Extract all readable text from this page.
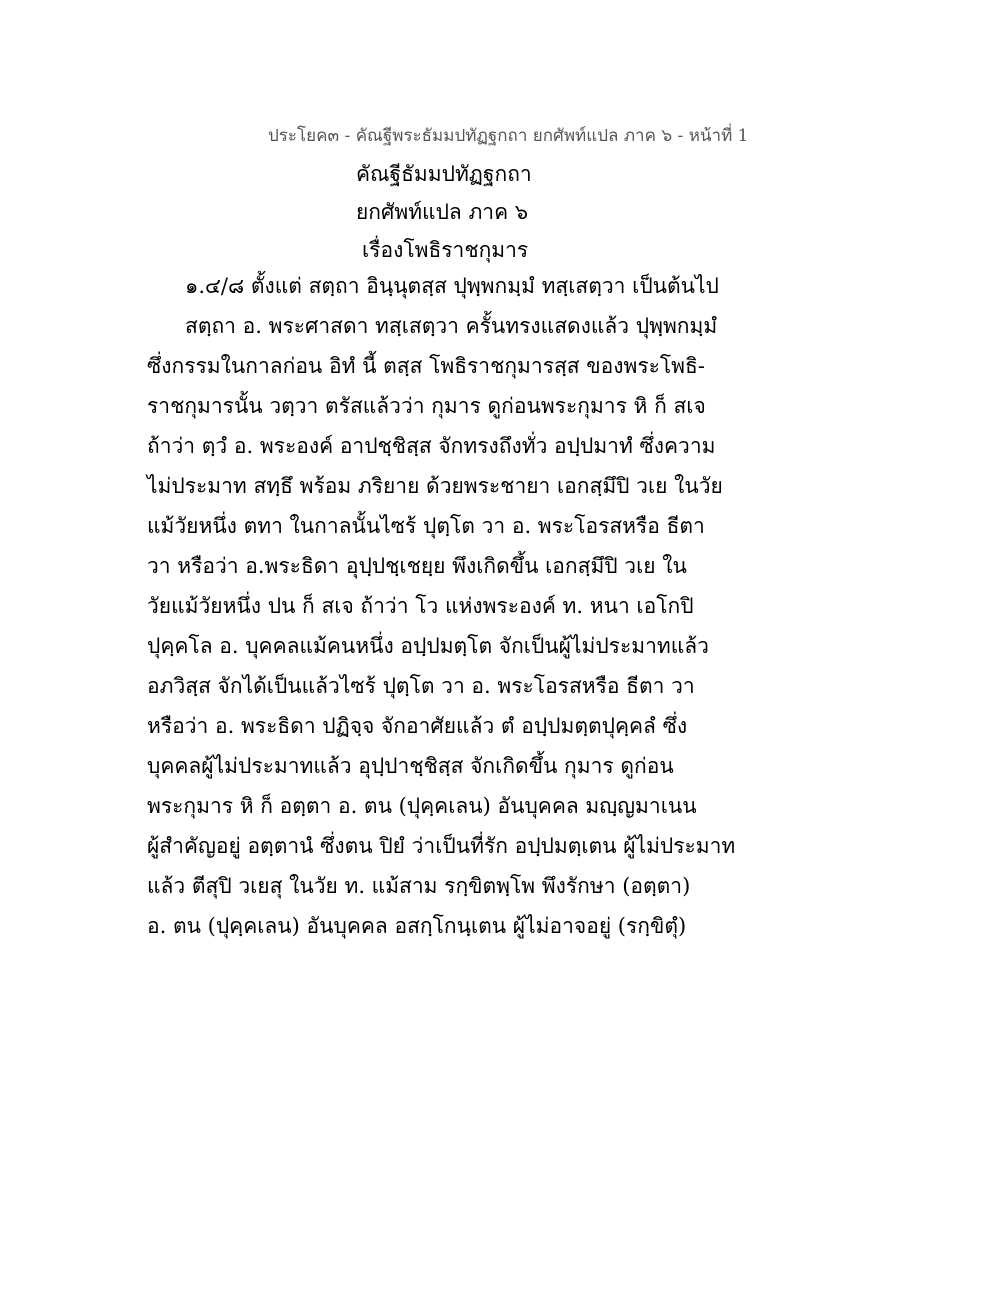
ประโยค๓ - คัณฐีพระธัมมปทัฏฐกถา ยกศัพท์แปล ภาค ๖ - หน้าที่ 1
คัณฐีธัมมปทัฏฐกถา
ยกศัพท์แปล ภาค ๖
เรื่องโพธิราชกุมาร
๑.๔/๘ ตั้งแต่ สตฺถา อินฺนุตสฺส ปุพฺพกมฺมํ ทสฺเสตฺวา เป็นต้นไป
สตฺถา อ. พระศาสดา ทสฺเสตฺวา ครั้นทรงแสดงแล้ว ปุพฺพกมฺมํ
ซึ่งกรรมในกาลก่อน อิทํ นี้ ตสฺส โพธิราชกุมารสฺส ของพระโพธิ-
ราชกุมารนั้น วตฺวา ตรัสแล้วว่า กุมาร ดูก่อนพระกุมาร หิ ก็ สเจ
ถ้าว่า ตฺวํ อ. พระองค์ อาปชฺชิสฺส จักทรงถึงทั่ว อปฺปมาทํ ซึ่งความ
ไม่ประมาท สทฺธึ พร้อม ภริยาย ด้วยพระชายา เอกสฺมึปิ วเย ในวัย
แม้วัยหนึ่ง ตทา ในกาลนั้นไซร้ ปุตฺโต วา อ. พระโอรสหรือ ธีตา
วา หรือว่า อ.พระธิดา อุปฺปชฺเชยฺย พึงเกิดขึ้น เอกสฺมึปิ วเย ใน
วัยแม้วัยหนึ่ง ปน ก็ สเจ ถ้าว่า โว แห่งพระองค์ ท. หนา เอโกปิ
ปุคฺคโล อ. บุคคลแม้คนหนึ่ง อปฺปมตฺโต จักเป็นผู้ไม่ประมาทแล้ว
อภวิสฺส จักได้เป็นแล้วไซร้ ปุตฺโต วา อ. พระโอรสหรือ ธีตา วา
หรือว่า อ. พระธิดา ปฏิจฺจ จักอาศัยแล้ว ตํ อปฺปมตฺตปุคฺคลํ ซึ่ง
บุคคลผู้ไม่ประมาทแล้ว อุปฺปาชฺชิสฺส จักเกิดขึ้น กุมาร ดูก่อน
พระกุมาร หิ ก็ อตฺตา อ. ตน (ปุคฺคเลน) อันบุคคล มญฺญมาเนน
ผู้สำคัญอยู่ อตฺตานํ ซึ่งตน ปิยํ ว่าเป็นที่รัก อปฺปมตฺเตน ผู้ไม่ประมาท
แล้ว ตีสุปิ วเยสุ ในวัย ท. แม้สาม รกฺขิตพฺโพ พึงรักษา (อตฺตา)
อ. ตน (ปุคฺคเลน) อันบุคคล อสกฺโกนฺเตน ผู้ไม่อาจอยู่ (รกฺขิตุํ)
